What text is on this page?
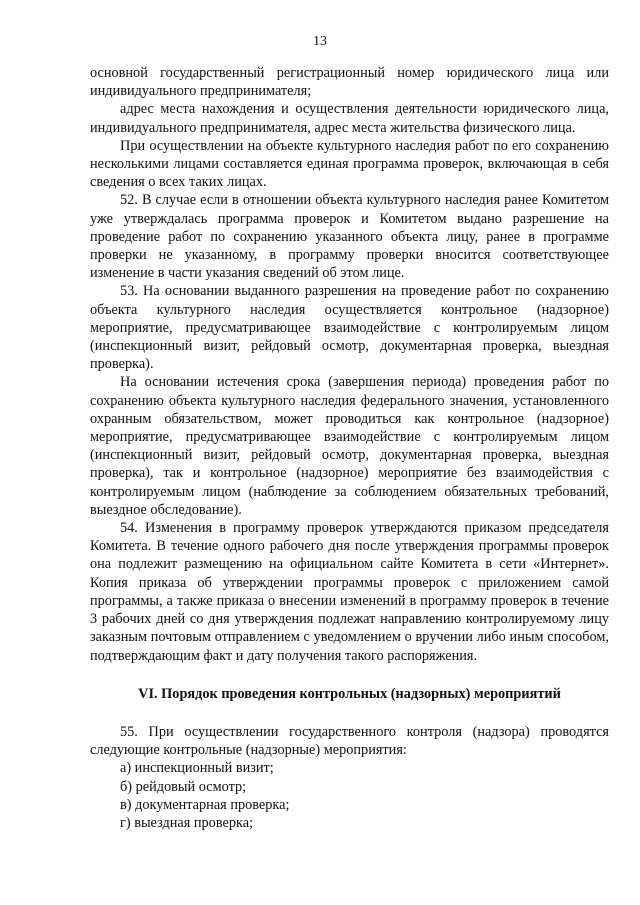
13

основной государственный регистрационный номер юридического лица или индивидуального предпринимателя;

адрес места нахождения и осуществления деятельности юридического лица, индивидуального предпринимателя, адрес места жительства физического лица.

При осуществлении на объекте культурного наследия работ по его сохранению несколькими лицами составляется единая программа проверок, включающая в себя сведения о всех таких лицах.

52. В случае если в отношении объекта культурного наследия ранее Комитетом уже утверждалась программа проверок и Комитетом выдано разрешение на проведение работ по сохранению указанного объекта лицу, ранее в программе проверки не указанному, в программу проверки вносится соответствующее изменение в части указания сведений об этом лице.

53. На основании выданного разрешения на проведение работ по сохранению объекта культурного наследия осуществляется контрольное (надзорное) мероприятие, предусматривающее взаимодействие с контролируемым лицом (инспекционный визит, рейдовый осмотр, документарная проверка, выездная проверка).

На основании истечения срока (завершения периода) проведения работ по сохранению объекта культурного наследия федерального значения, установленного охранным обязательством, может проводиться как контрольное (надзорное) мероприятие, предусматривающее взаимодействие с контролируемым лицом (инспекционный визит, рейдовый осмотр, документарная проверка, выездная проверка), так и контрольное (надзорное) мероприятие без взаимодействия с контролируемым лицом (наблюдение за соблюдением обязательных требований, выездное обследование).

54. Изменения в программу проверок утверждаются приказом председателя Комитета. В течение одного рабочего дня после утверждения программы проверок она подлежит размещению на официальном сайте Комитета в сети «Интернет». Копия приказа об утверждении программы проверок с приложением самой программы, а также приказа о внесении изменений в программу проверок в течение 3 рабочих дней со дня утверждения подлежат направлению контролируемому лицу заказным почтовым отправлением с уведомлением о вручении либо иным способом, подтверждающим факт и дату получения такого распоряжения.

VI. Порядок проведения контрольных (надзорных) мероприятий

55. При осуществлении государственного контроля (надзора) проводятся следующие контрольные (надзорные) мероприятия:

а) инспекционный визит;
б) рейдовый осмотр;
в) документарная проверка;
г) выездная проверка;
